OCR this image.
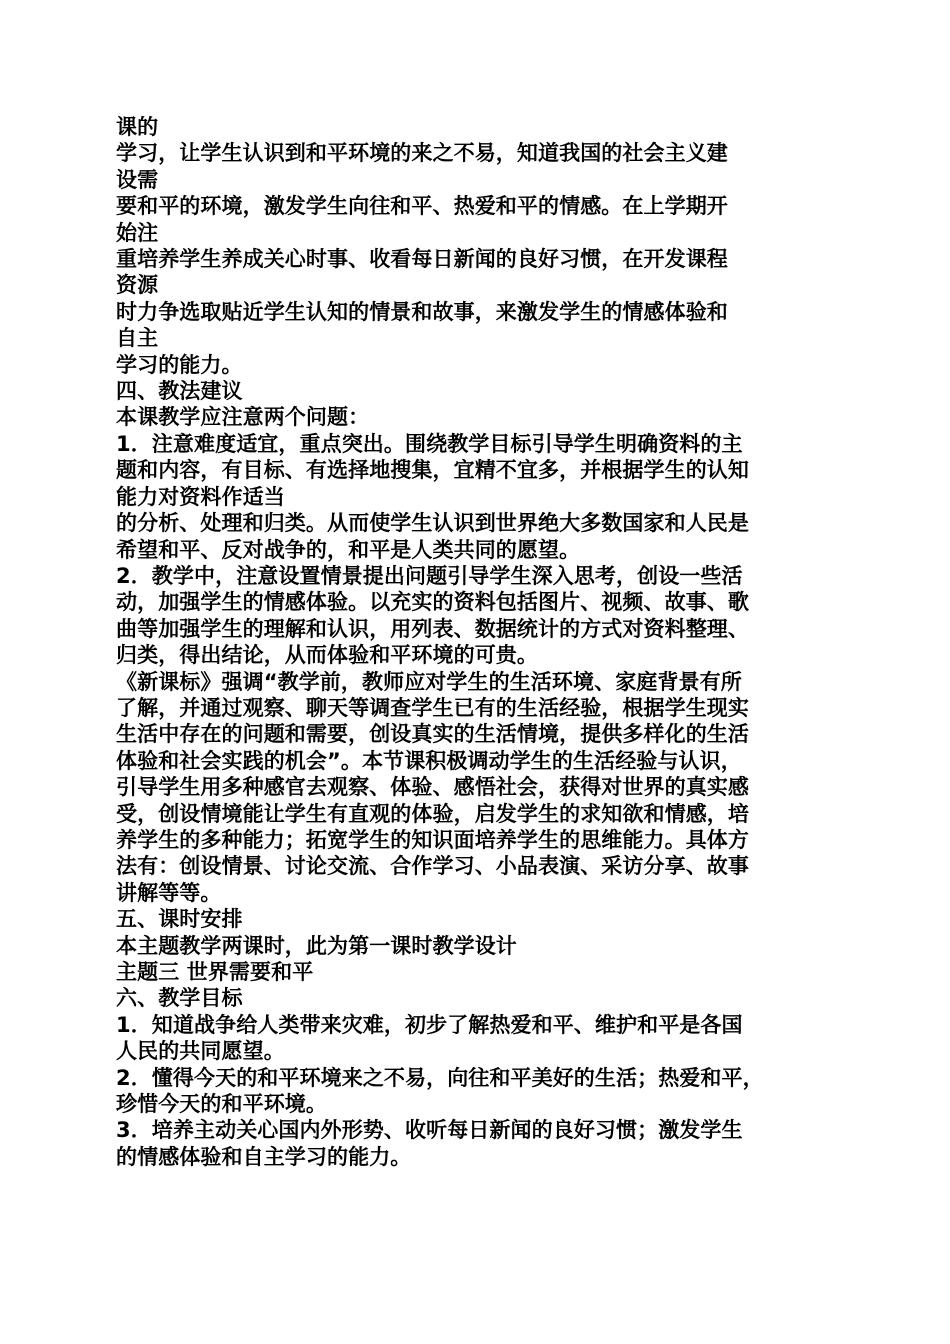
课的
学习，让学生认识到和平环境的来之不易，知道我国的社会主义建
设需
要和平的环境，激发学生向往和平、热爱和平的情感。在上学期开
始注
重培养学生养成关心时事、收看每日新闻的良好习惯，在开发课程
资源
时力争选取贴近学生认知的情景和故事，来激发学生的情感体验和
自主
学习的能力。
四、教法建议
本课教学应注意两个问题：
1．注意难度适宜，重点突出。围绕教学目标引导学生明确资料的主
题和内容，有目标、有选择地搜集，宜精不宜多，并根据学生的认知
能力对资料作适当
的分析、处理和归类。从而使学生认识到世界绝大多数国家和人民是
希望和平、反对战争的，和平是人类共同的愿望。
2．教学中，注意设置情景提出问题引导学生深入思考，创设一些活
动，加强学生的情感体验。以充实的资料包括图片、视频、故事、歌
曲等加强学生的理解和认识，用列表、数据统计的方式对资料整理、
归类，得出结论，从而体验和平环境的可贵。
《新课标》强调“教学前，教师应对学生的生活环境、家庭背景有所
了解，并通过观察、聊天等调查学生已有的生活经验，根据学生现实
生活中存在的问题和需要，创设真实的生活情境，提供多样化的生活
体验和社会实践的机会”。本节课积极调动学生的生活经验与认识，
引导学生用多种感官去观察、体验、感悟社会，获得对世界的真实感
受，创设情境能让学生有直观的体验，启发学生的求知欲和情感，培
养学生的多种能力；拓宽学生的知识面培养学生的思维能力。具体方
法有：创设情景、讨论交流、合作学习、小品表演、采访分享、故事
讲解等等。
五、课时安排
本主题教学两课时，此为第一课时教学设计
主题三 世界需要和平
六、教学目标
1．知道战争给人类带来灾难，初步了解热爱和平、维护和平是各国
人民的共同愿望。
2．懂得今天的和平环境来之不易，向往和平美好的生活；热爱和平，
珍惜今天的和平环境。
3．培养主动关心国内外形势、收听每日新闻的良好习惯；激发学生
的情感体验和自主学习的能力。
